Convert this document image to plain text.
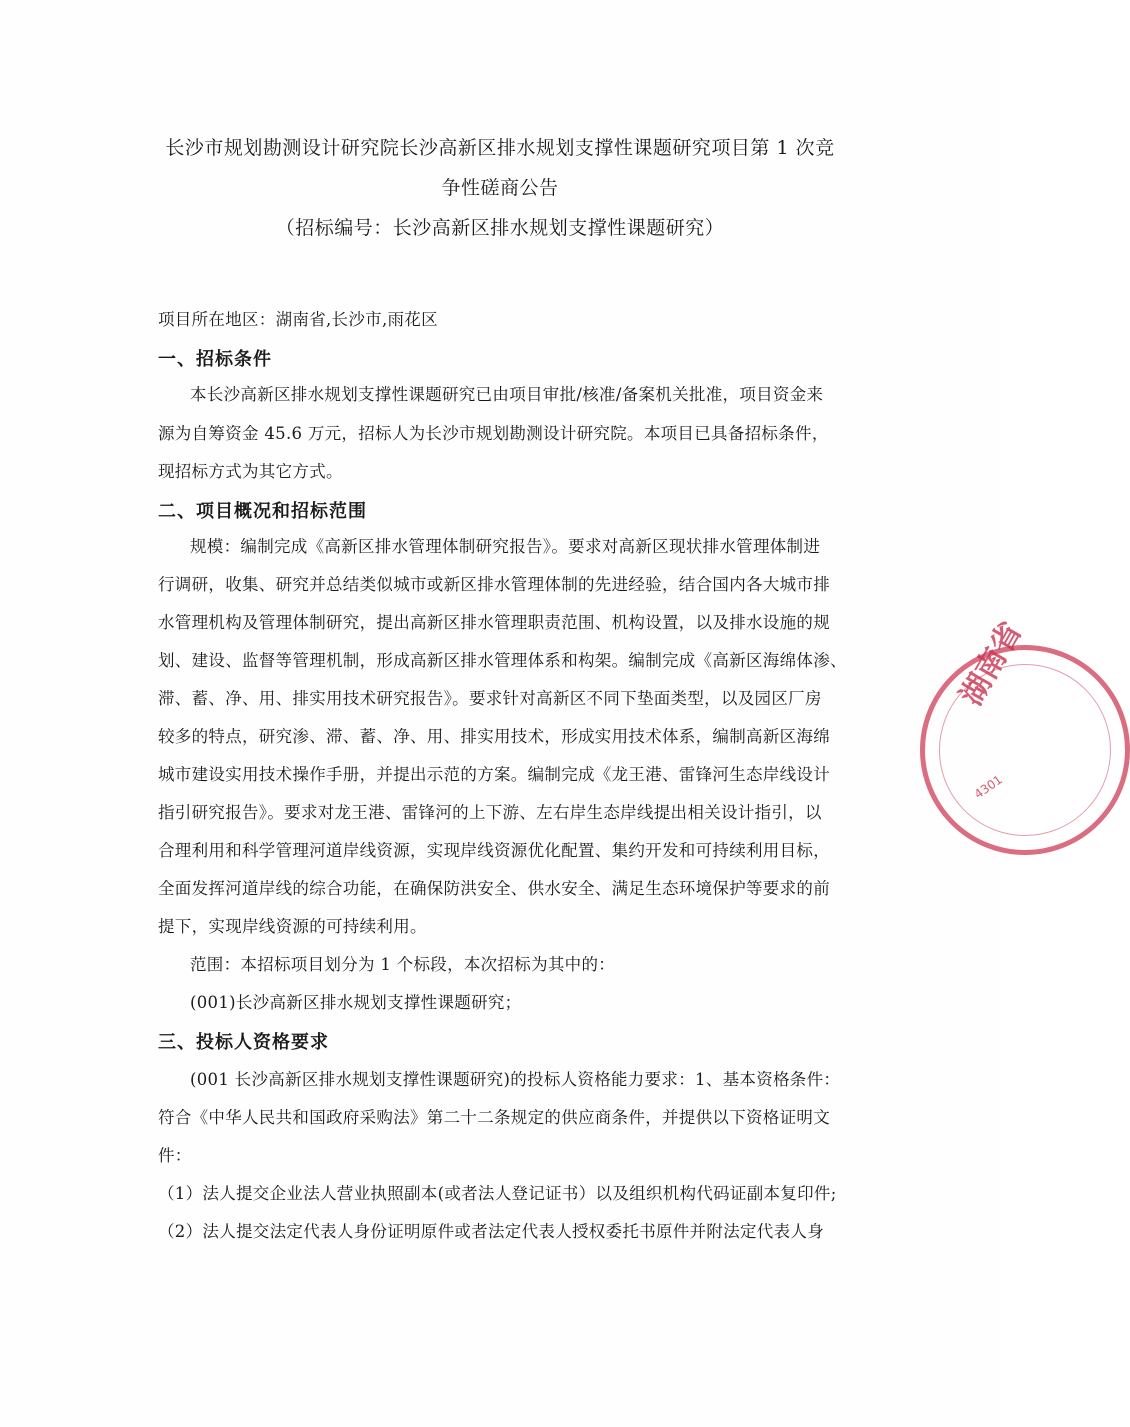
长沙市规划勘测设计研究院长沙高新区排水规划支撑性课题研究项目第 1 次竞
争性磋商公告
（招标编号：长沙高新区排水规划支撑性课题研究）
项目所在地区：湖南省,长沙市,雨花区
一、招标条件
本长沙高新区排水规划支撑性课题研究已由项目审批/核准/备案机关批准，项目资金来
源为自筹资金 45.6 万元，招标人为长沙市规划勘测设计研究院。本项目已具备招标条件，
现招标方式为其它方式。
二、项目概况和招标范围
规模：编制完成《高新区排水管理体制研究报告》。要求对高新区现状排水管理体制进
行调研，收集、研究并总结类似城市或新区排水管理体制的先进经验，结合国内各大城市排
水管理机构及管理体制研究，提出高新区排水管理职责范围、机构设置，以及排水设施的规
划、建设、监督等管理机制，形成高新区排水管理体系和构架。编制完成《高新区海绵体渗、
滞、蓄、净、用、排实用技术研究报告》。要求针对高新区不同下垫面类型，以及园区厂房
较多的特点，研究渗、滞、蓄、净、用、排实用技术，形成实用技术体系，编制高新区海绵
城市建设实用技术操作手册，并提出示范的方案。编制完成《龙王港、雷锋河生态岸线设计
指引研究报告》。要求对龙王港、雷锋河的上下游、左右岸生态岸线提出相关设计指引，以
合理利用和科学管理河道岸线资源，实现岸线资源优化配置、集约开发和可持续利用目标，
全面发挥河道岸线的综合功能，在确保防洪安全、供水安全、满足生态环境保护等要求的前
提下，实现岸线资源的可持续利用。
范围：本招标项目划分为 1 个标段，本次招标为其中的：
(001)长沙高新区排水规划支撑性课题研究；
三、投标人资格要求
(001 长沙高新区排水规划支撑性课题研究)的投标人资格能力要求：1、基本资格条件：
符合《中华人民共和国政府采购法》第二十二条规定的供应商条件，并提供以下资格证明文
件：
（1）法人提交企业法人营业执照副本(或者法人登记证书）以及组织机构代码证副本复印件;
（2）法人提交法定代表人身份证明原件或者法定代表人授权委托书原件并附法定代表人身
湖南省
4301
